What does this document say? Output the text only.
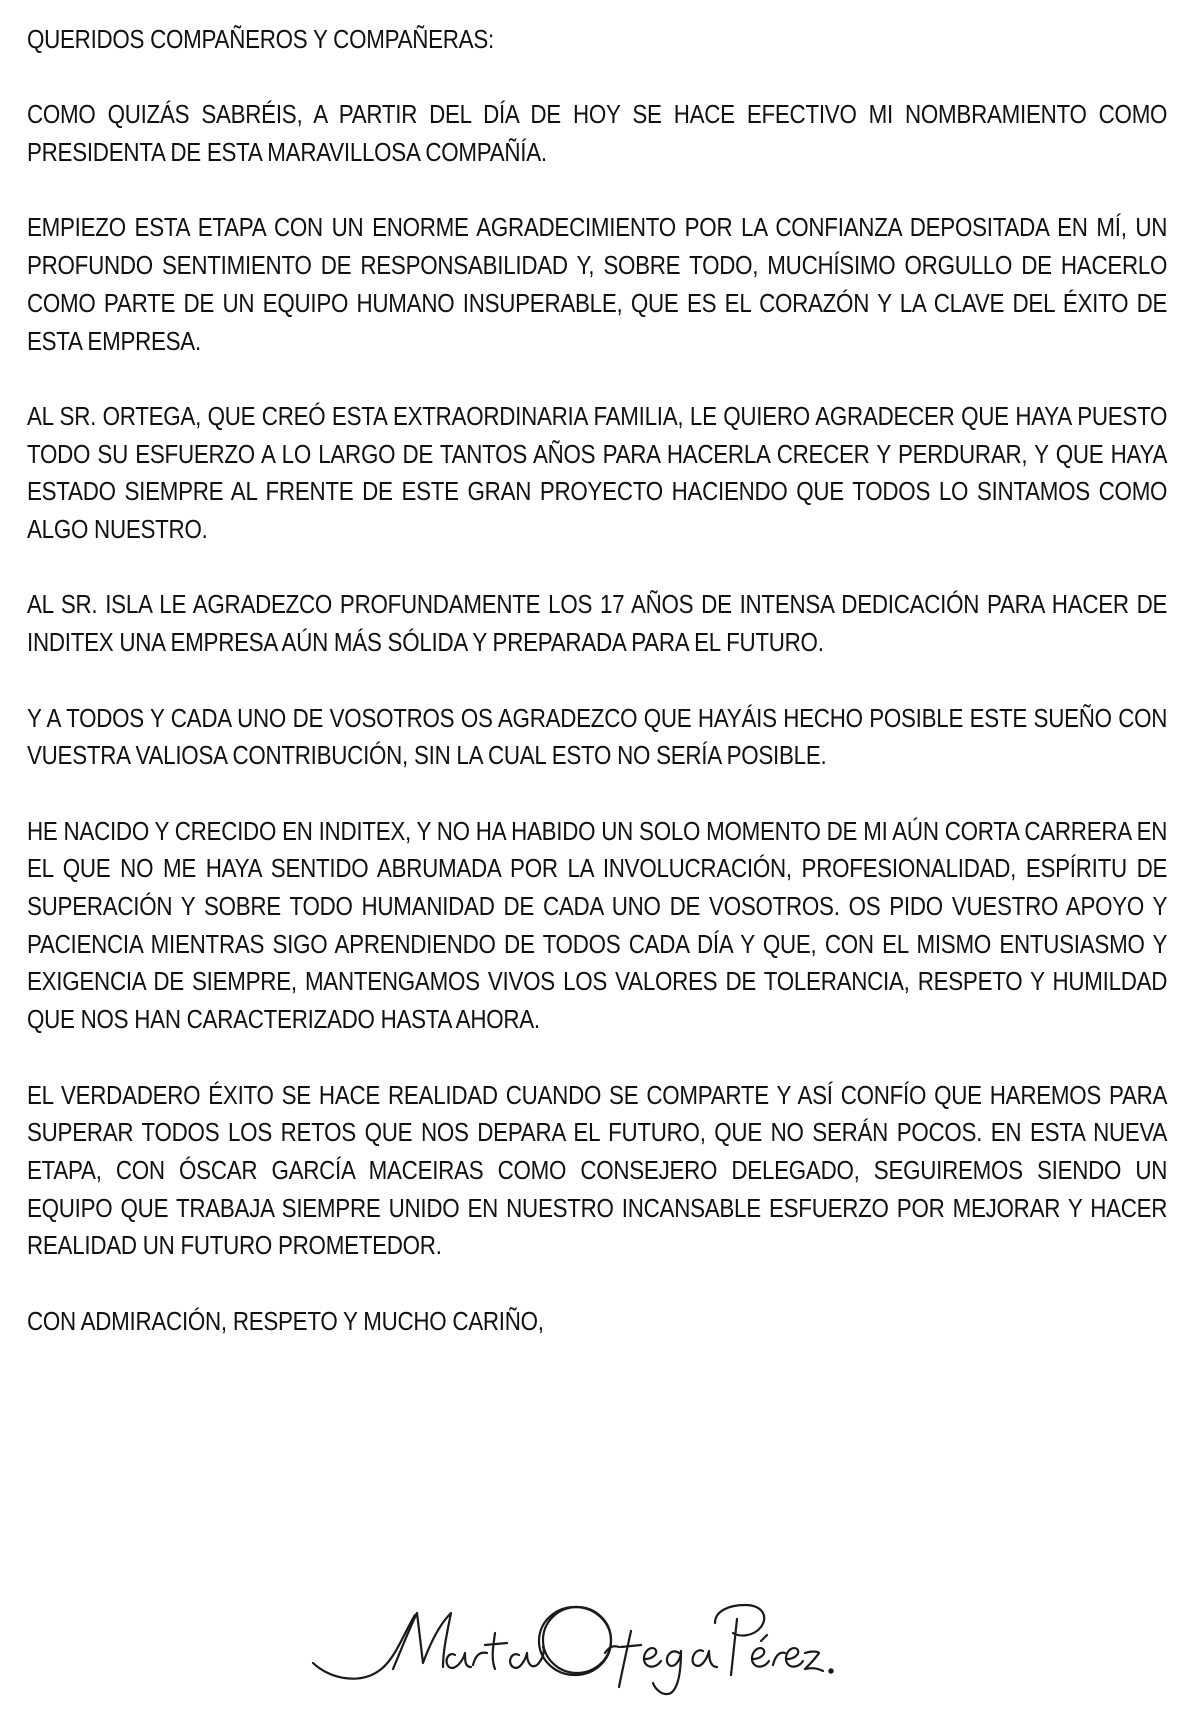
QUERIDOS COMPAÑEROS Y COMPAÑERAS:

COMO QUIZÁS SABRÉIS, A PARTIR DEL DÍA DE HOY SE HACE EFECTIVO MI NOMBRAMIENTO COMO PRESIDENTA DE ESTA MARAVILLOSA COMPAÑÍA.

EMPIEZO ESTA ETAPA CON UN ENORME AGRADECIMIENTO POR LA CONFIANZA DEPOSITADA EN MÍ, UN PROFUNDO SENTIMIENTO DE RESPONSABILIDAD Y, SOBRE TODO, MUCHÍSIMO ORGULLO DE HACERLO COMO PARTE DE UN EQUIPO HUMANO INSUPERABLE, QUE ES EL CORAZÓN Y LA CLAVE DEL ÉXITO DE ESTA EMPRESA.

AL SR. ORTEGA, QUE CREÓ ESTA EXTRAORDINARIA FAMILIA, LE QUIERO AGRADECER QUE HAYA PUESTO TODO SU ESFUERZO A LO LARGO DE TANTOS AÑOS PARA HACERLA CRECER Y PERDURAR, Y QUE HAYA ESTADO SIEMPRE AL FRENTE DE ESTE GRAN PROYECTO HACIENDO QUE TODOS LO SINTAMOS COMO ALGO NUESTRO.

AL SR. ISLA LE AGRADEZCO PROFUNDAMENTE LOS 17 AÑOS DE INTENSA DEDICACIÓN PARA HACER DE INDITEX UNA EMPRESA AÚN MÁS SÓLIDA Y PREPARADA PARA EL FUTURO.

Y A TODOS Y CADA UNO DE VOSOTROS OS AGRADEZCO QUE HAYÁIS HECHO POSIBLE ESTE SUEÑO CON VUESTRA VALIOSA CONTRIBUCIÓN, SIN LA CUAL ESTO NO SERÍA POSIBLE.

HE NACIDO Y CRECIDO EN INDITEX, Y NO HA HABIDO UN SOLO MOMENTO DE MI AÚN CORTA CARRERA EN EL QUE NO ME HAYA SENTIDO ABRUMADA POR LA INVOLUCRACIÓN, PROFESIONALIDAD, ESPÍRITU DE SUPERACIÓN Y SOBRE TODO HUMANIDAD DE CADA UNO DE VOSOTROS. OS PIDO VUESTRO APOYO Y PACIENCIA MIENTRAS SIGO APRENDIENDO DE TODOS CADA DÍA Y QUE, CON EL MISMO ENTUSIASMO Y EXIGENCIA DE SIEMPRE, MANTENGAMOS VIVOS LOS VALORES DE TOLERANCIA, RESPETO Y HUMILDAD QUE NOS HAN CARACTERIZADO HASTA AHORA.

EL VERDADERO ÉXITO SE HACE REALIDAD CUANDO SE COMPARTE Y ASÍ CONFÍO QUE HAREMOS PARA SUPERAR TODOS LOS RETOS QUE NOS DEPARA EL FUTURO, QUE NO SERÁN POCOS. EN ESTA NUEVA ETAPA, CON ÓSCAR GARCÍA MACEIRAS COMO CONSEJERO DELEGADO, SEGUIREMOS SIENDO UN EQUIPO QUE TRABAJA SIEMPRE UNIDO EN NUESTRO INCANSABLE ESFUERZO POR MEJORAR Y HACER REALIDAD UN FUTURO PROMETEDOR.

CON ADMIRACIÓN, RESPETO Y MUCHO CARIÑO,
